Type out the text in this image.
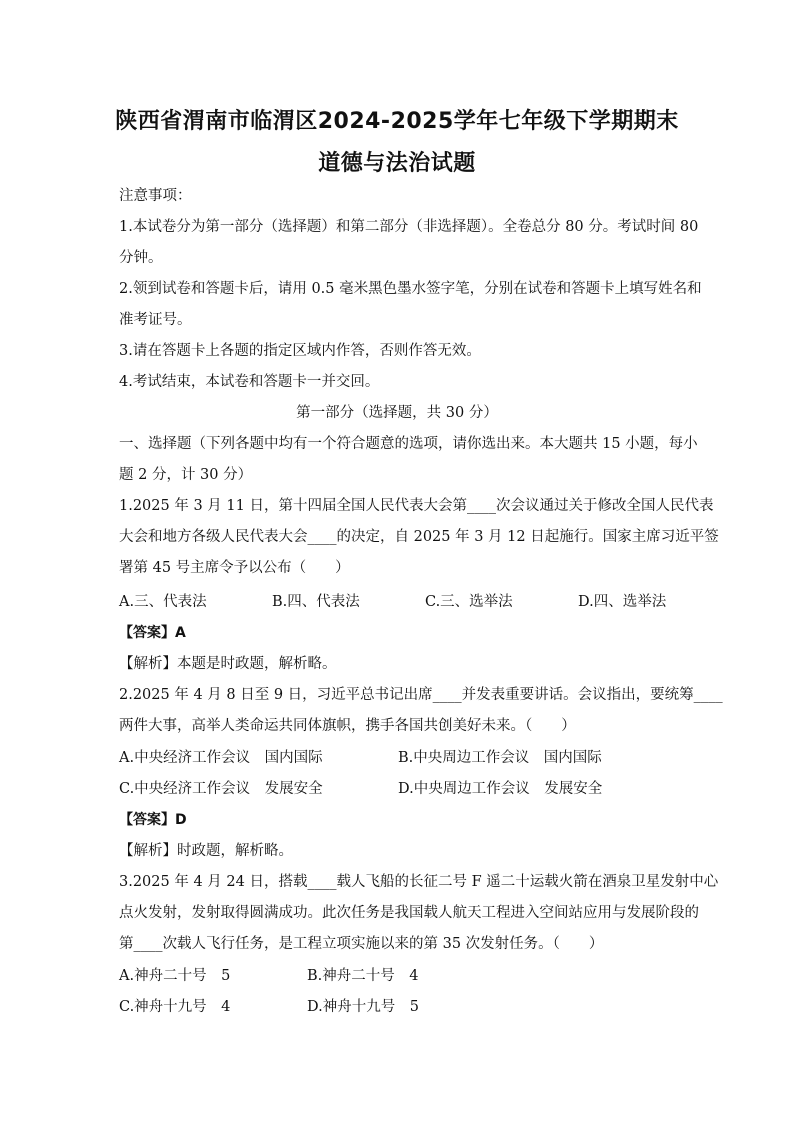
陕西省渭南市临渭区2024-2025学年七年级下学期期末
道德与法治试题
注意事项：
1.本试卷分为第一部分（选择题）和第二部分（非选择题）。全卷总分 80 分。考试时间 80
分钟。
2.领到试卷和答题卡后，请用 0.5 毫米黑色墨水签字笔，分别在试卷和答题卡上填写姓名和
准考证号。
3.请在答题卡上各题的指定区域内作答，否则作答无效。
4.考试结束，本试卷和答题卡一并交回。
第一部分（选择题，共 30 分）
一、选择题（下列各题中均有一个符合题意的选项，请你选出来。本大题共 15 小题，每小
题 2 分，计 30 分）
1.2025 年 3 月 11 日，第十四届全国人民代表大会第____次会议通过关于修改全国人民代表
大会和地方各级人民代表大会____的决定，自 2025 年 3 月 12 日起施行。国家主席习近平签
署第 45 号主席令予以公布（　　）
A.三、代表法	B.四、代表法	C.三、选举法	D.四、选举法
【答案】A
【解析】本题是时政题，解析略。
2.2025 年 4 月 8 日至 9 日，习近平总书记出席____并发表重要讲话。会议指出，要统筹____
两件大事，高举人类命运共同体旗帜，携手各国共创美好未来。（　　）
A.中央经济工作会议　国内国际	B.中央周边工作会议　国内国际
C.中央经济工作会议　发展安全	D.中央周边工作会议　发展安全
【答案】D
【解析】时政题，解析略。
3.2025 年 4 月 24 日，搭载____载人飞船的长征二号 F 遥二十运载火箭在酒泉卫星发射中心
点火发射，发射取得圆满成功。此次任务是我国载人航天工程进入空间站应用与发展阶段的
第____次载人飞行任务，是工程立项实施以来的第 35 次发射任务。（　　）
A.神舟二十号　5	B.神舟二十号　4
C.神舟十九号　4	D.神舟十九号　5
